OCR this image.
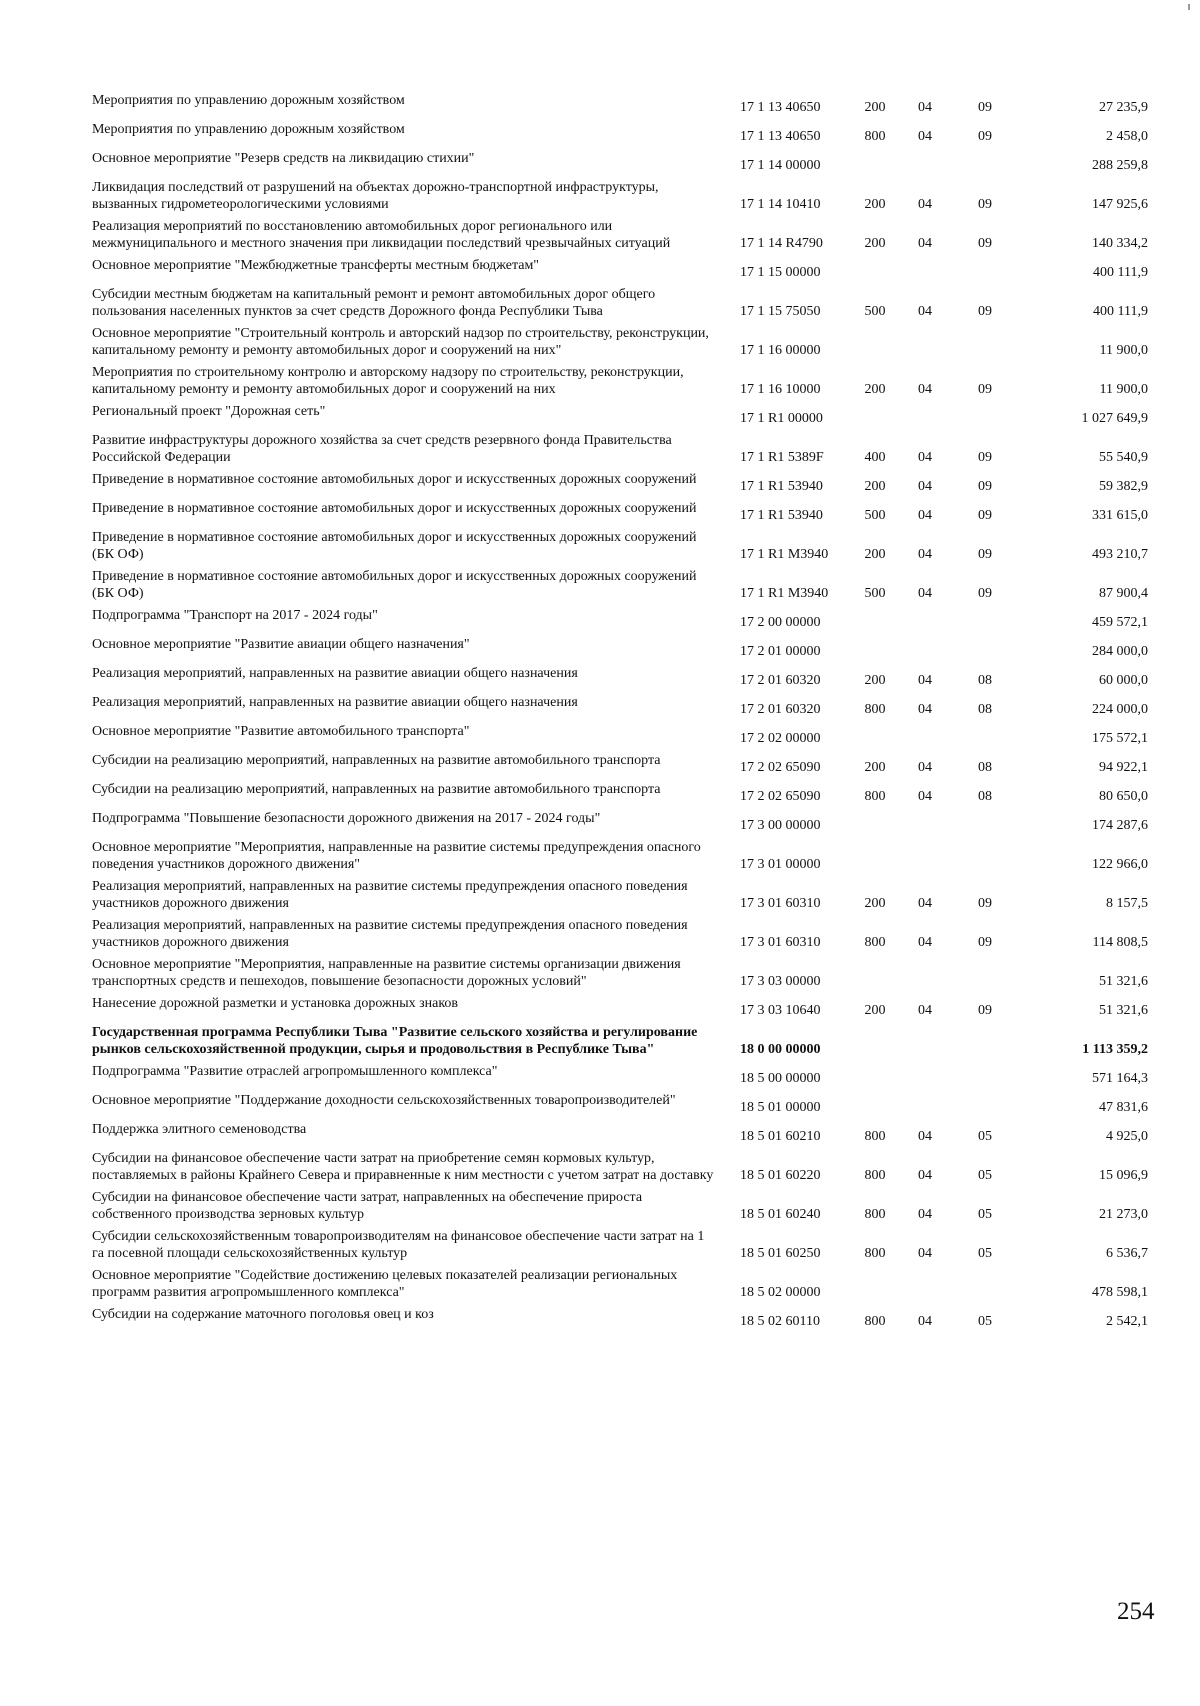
Мероприятия по управлению дорожным хозяйством	17 1 13 40650	200	04	09	27 235,9
Мероприятия по управлению дорожным хозяйством	17 1 13 40650	800	04	09	2 458,0
Основное мероприятие "Резерв средств на ликвидацию стихии"	17 1 14 00000	288 259,8
Ликвидация последствий от разрушений на объектах дорожно-транспортной инфраструктуры, вызванных гидрометеорологическими условиями	17 1 14 10410	200	04	09	147 925,6
Реализация мероприятий по восстановлению автомобильных дорог регионального или межмуниципального и местного значения при ликвидации последствий чрезвычайных ситуаций	17 1 14 R4790	200	04	09	140 334,2
Основное мероприятие "Межбюджетные трансферты местным бюджетам"	17 1 15 00000	400 111,9
Субсидии местным бюджетам на капитальный ремонт и ремонт автомобильных дорог общего пользования населенных пунктов за счет средств Дорожного фонда Республики Тыва	17 1 15 75050	500	04	09	400 111,9
Основное мероприятие "Строительный контроль и авторский надзор по строительству, реконструкции, капитальному ремонту и ремонту автомобильных дорог и сооружений на них"	17 1 16 00000	11 900,0
Мероприятия по строительному контролю и авторскому надзору по строительству, реконструкции, капитальному ремонту и ремонту автомобильных дорог и сооружений на них	17 1 16 10000	200	04	09	11 900,0
Региональный проект "Дорожная сеть"	17 1 R1 00000	1 027 649,9
Развитие инфраструктуры дорожного хозяйства за счет средств резервного фонда Правительства Российской Федерации	17 1 R1 5389F	400	04	09	55 540,9
Приведение в нормативное состояние автомобильных дорог и искусственных дорожных сооружений	17 1 R1 53940	200	04	09	59 382,9
Приведение в нормативное состояние автомобильных дорог и искусственных дорожных сооружений	17 1 R1 53940	500	04	09	331 615,0
Приведение в нормативное состояние автомобильных дорог и искусственных дорожных сооружений (БК ОФ)	17 1 R1 M3940	200	04	09	493 210,7
Приведение в нормативное состояние автомобильных дорог и искусственных дорожных сооружений (БК ОФ)	17 1 R1 M3940	500	04	09	87 900,4
Подпрограмма "Транспорт на 2017 - 2024 годы"	17 2 00 00000	459 572,1
Основное мероприятие "Развитие авиации общего назначения"	17 2 01 00000	284 000,0
Реализация мероприятий, направленных на развитие авиации общего назначения	17 2 01 60320	200	04	08	60 000,0
Реализация мероприятий, направленных на развитие авиации общего назначения	17 2 01 60320	800	04	08	224 000,0
Основное мероприятие "Развитие автомобильного транспорта"	17 2 02 00000	175 572,1
Субсидии на реализацию мероприятий, направленных на развитие автомобильного транспорта	17 2 02 65090	200	04	08	94 922,1
Субсидии на реализацию мероприятий, направленных на развитие автомобильного транспорта	17 2 02 65090	800	04	08	80 650,0
Подпрограмма "Повышение безопасности дорожного движения на 2017 - 2024 годы"	17 3 00 00000	174 287,6
Основное мероприятие "Мероприятия, направленные на развитие системы предупреждения опасного поведения участников дорожного движения"	17 3 01 00000	122 966,0
Реализация мероприятий, направленных на развитие системы предупреждения опасного поведения участников дорожного движения	17 3 01 60310	200	04	09	8 157,5
Реализация мероприятий, направленных на развитие системы предупреждения опасного поведения участников дорожного движения	17 3 01 60310	800	04	09	114 808,5
Основное мероприятие "Мероприятия, направленные на развитие системы организации движения транспортных средств и пешеходов, повышение безопасности дорожных условий"	17 3 03 00000	51 321,6
Нанесение дорожной разметки и установка дорожных знаков	17 3 03 10640	200	04	09	51 321,6
Государственная программа Республики Тыва "Развитие сельского хозяйства и регулирование рынков сельскохозяйственной продукции, сырья и продовольствия в Республике Тыва"	18 0 00 00000	1 113 359,2
Подпрограмма "Развитие отраслей агропромышленного комплекса"	18 5 00 00000	571 164,3
Основное мероприятие "Поддержание доходности сельскохозяйственных товаропроизводителей"	18 5 01 00000	47 831,6
Поддержка элитного семеноводства	18 5 01 60210	800	04	05	4 925,0
Субсидии на финансовое обеспечение части затрат на приобретение семян кормовых культур, поставляемых в районы Крайнего Севера и приравненные к ним местности с учетом затрат на доставку	18 5 01 60220	800	04	05	15 096,9
Субсидии на финансовое обеспечение части затрат, направленных на обеспечение прироста собственного производства зерновых культур	18 5 01 60240	800	04	05	21 273,0
Субсидии сельскохозяйственным товаропроизводителям на финансовое обеспечение части затрат на 1 га посевной площади сельскохозяйственных культур	18 5 01 60250	800	04	05	6 536,7
Основное мероприятие "Содействие достижению целевых показателей реализации региональных программ развития агропромышленного комплекса"	18 5 02 00000	478 598,1
Субсидии на содержание маточного поголовья овец и коз	18 5 02 60110	800	04	05	2 542,1
254
